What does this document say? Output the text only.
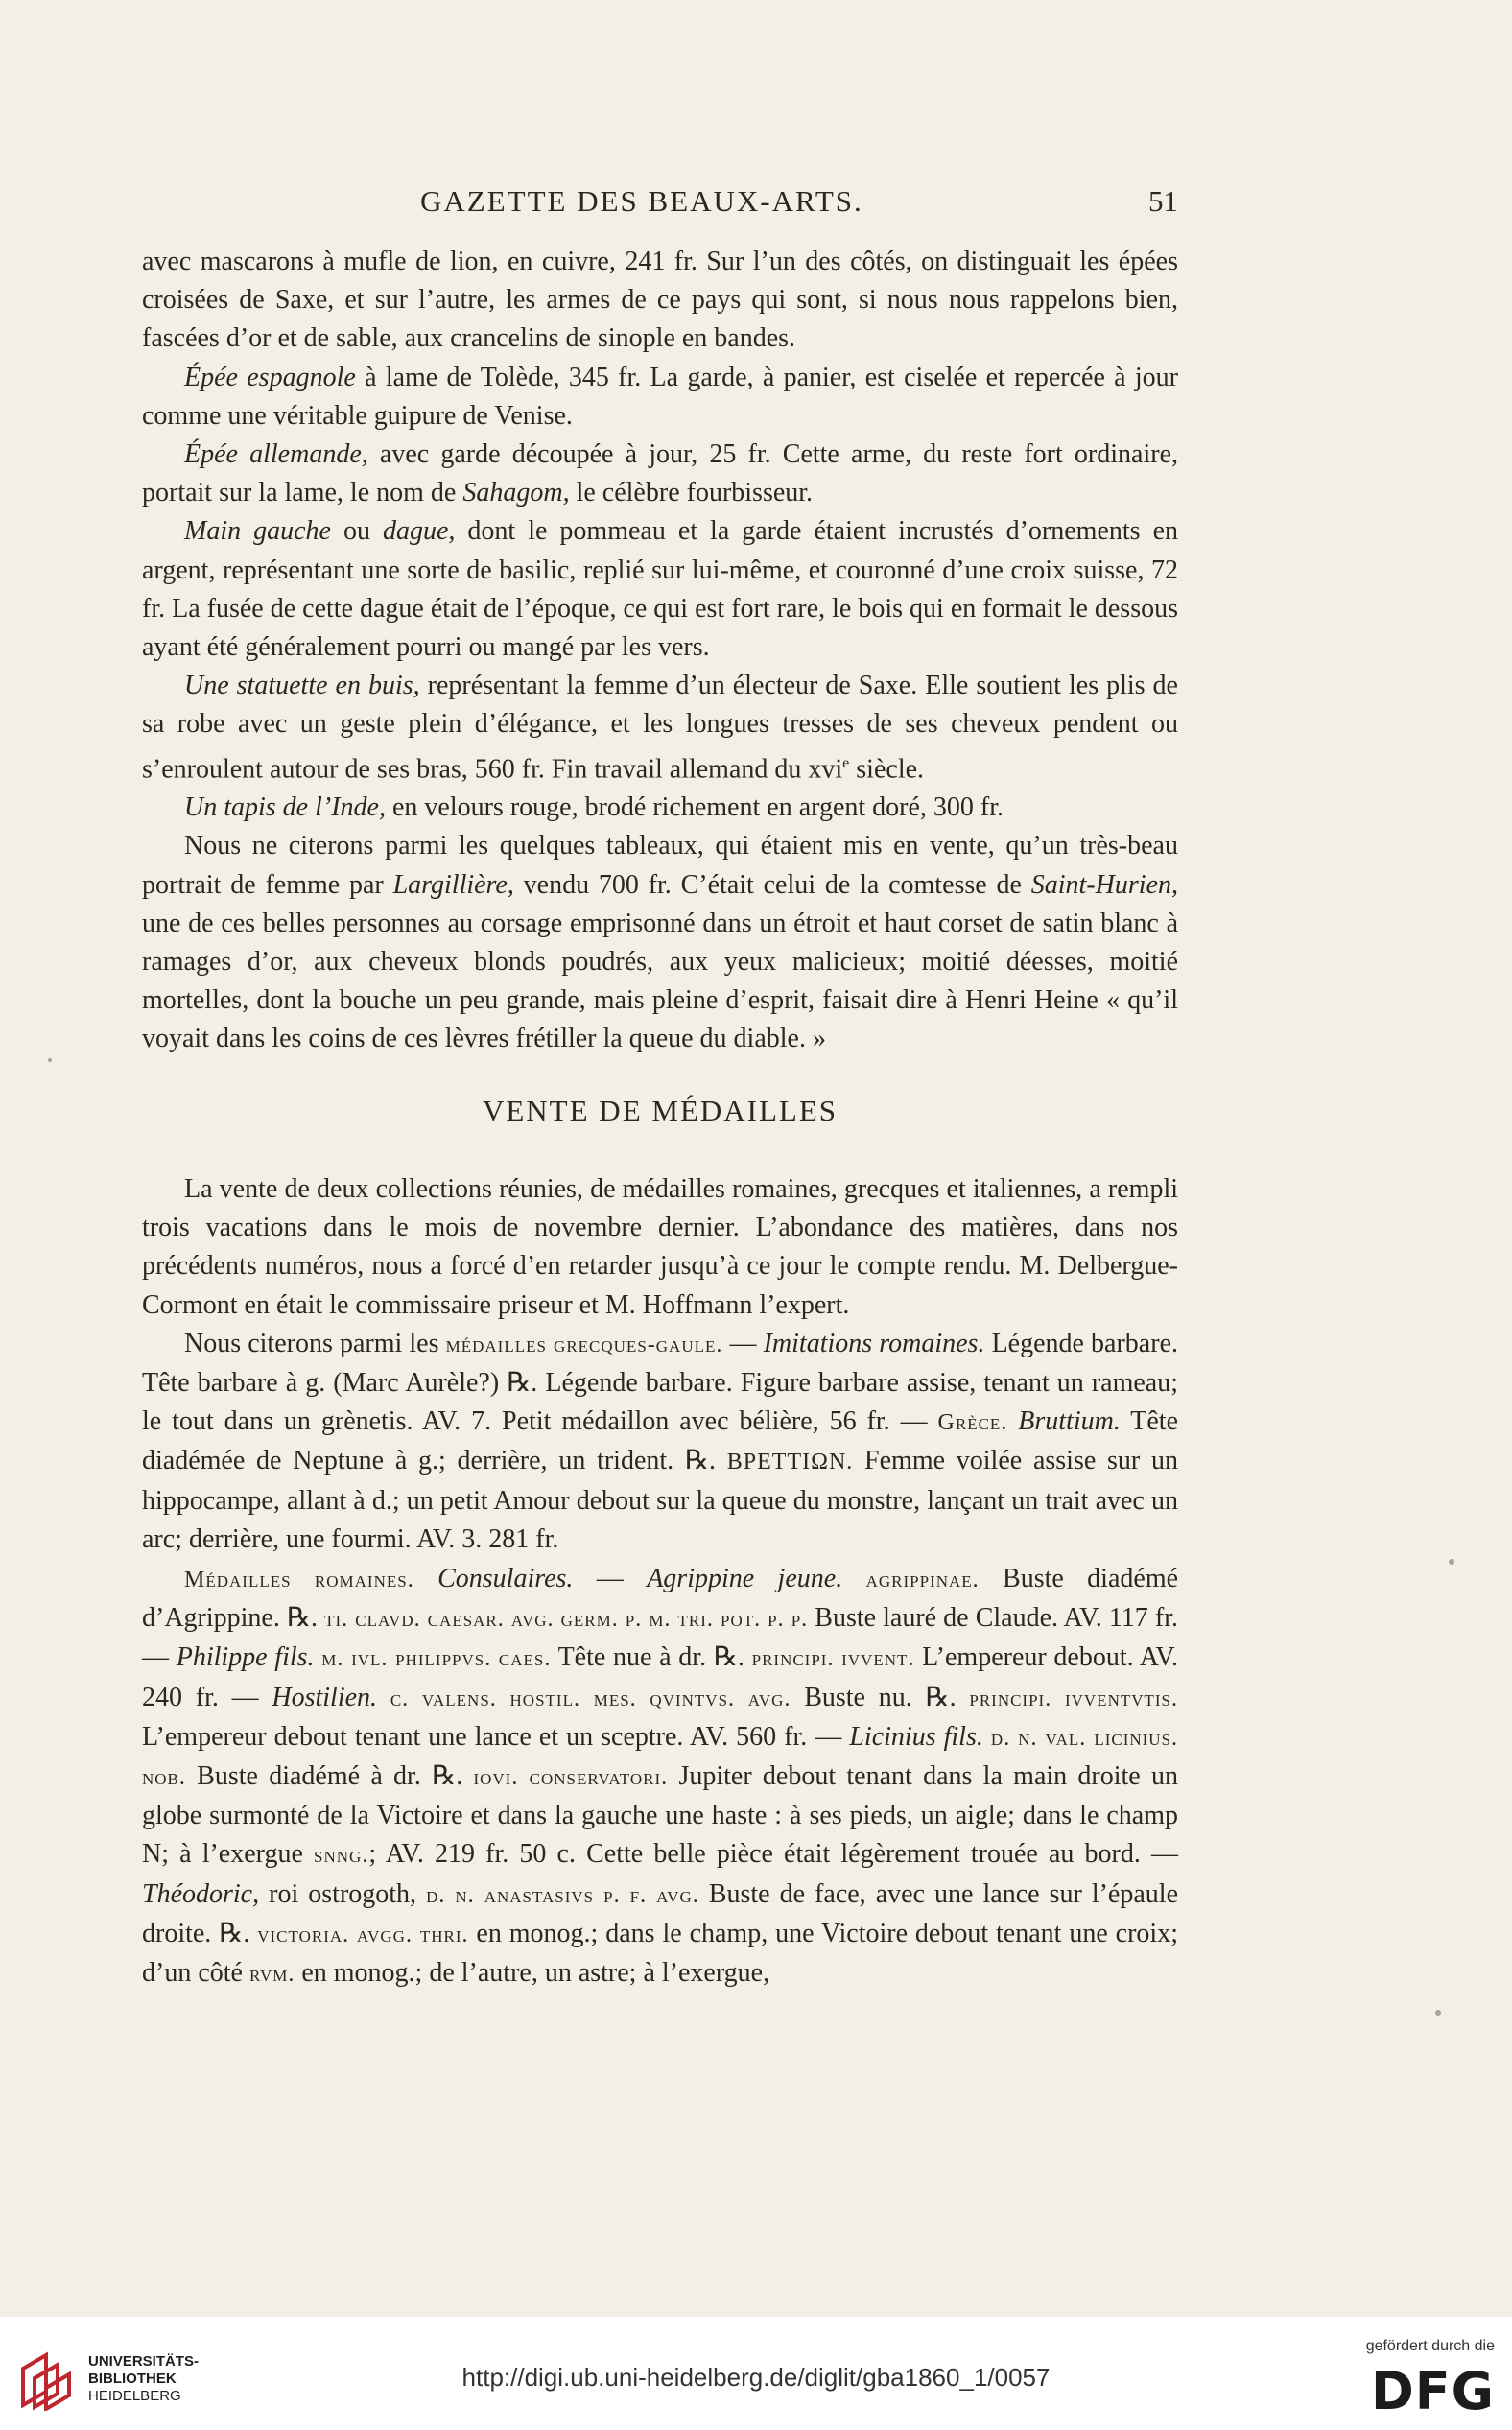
GAZETTE DES BEAUX-ARTS.	51

avec mascarons à mufle de lion, en cuivre, 241 fr. Sur l’un des côtés, on distinguait les épées croisées de Saxe, et sur l’autre, les armes de ce pays qui sont, si nous nous rappelons bien, fascées d’or et de sable, aux crancelins de sinople en bandes.

Épée espagnole à lame de Tolède, 345 fr. La garde, à panier, est ciselée et repercée à jour comme une véritable guipure de Venise.

Épée allemande, avec garde découpée à jour, 25 fr. Cette arme, du reste fort ordinaire, portait sur la lame, le nom de Sahagom, le célèbre fourbisseur.

Main gauche ou dague, dont le pommeau et la garde étaient incrustés d’ornements en argent, représentant une sorte de basilic, replié sur lui-même, et couronné d’une croix suisse, 72 fr. La fusée de cette dague était de l’époque, ce qui est fort rare, le bois qui en formait le dessous ayant été généralement pourri ou mangé par les vers.

Une statuette en buis, représentant la femme d’un électeur de Saxe. Elle soutient les plis de sa robe avec un geste plein d’élégance, et les longues tresses de ses cheveux pendent ou s’enroulent autour de ses bras, 560 fr. Fin travail allemand du xvi$^e$ siècle.

Un tapis de l’Inde, en velours rouge, brodé richement en argent doré, 300 fr.

Nous ne citerons parmi les quelques tableaux, qui étaient mis en vente, qu’un très-beau portrait de femme par Largillière, vendu 700 fr. C’était celui de la comtesse de Saint-Hurien, une de ces belles personnes au corsage emprisonné dans un étroit et haut corset de satin blanc à ramages d’or, aux cheveux blonds poudrés, aux yeux malicieux; moitié déesses, moitié mortelles, dont la bouche un peu grande, mais pleine d’esprit, faisait dire à Henri Heine « qu’il voyait dans les coins de ces lèvres frétiller la queue du diable. »

VENTE DE MÉDAILLES

La vente de deux collections réunies, de médailles romaines, grecques et italiennes, a rempli trois vacations dans le mois de novembre dernier. L’abondance des matières, dans nos précédents numéros, nous a forcé d’en retarder jusqu’à ce jour le compte rendu. M. Delbergue-Cormont en était le commissaire priseur et M. Hoffmann l’expert.

Nous citerons parmi les médailles grecques-gaule. — Imitations romaines. Légende barbare. Tête barbare à g. (Marc Aurèle?) ℞. Légende barbare. Figure barbare assise, tenant un rameau; le tout dans un grènetis. AV. 7. Petit médaillon avec bélière, 56 fr. — Grèce. Bruttium. Tête diadémée de Neptune à g.; derrière, un trident. ℞. ΒΡΕΤΤΙΩΝ. Femme voilée assise sur un hippocampe, allant à d.; un petit Amour debout sur la queue du monstre, lançant un trait avec un arc; derrière, une fourmi. AV. 3. 281 fr.

Médailles romaines. Consulaires. — Agrippine jeune. agrippinae. Buste diadémé d’Agrippine. ℞. ti. clavd. caesar. avg. germ. p. m. tri. pot. p. p. Buste lauré de Claude. AV. 117 fr. — Philippe fils. m. ivl. philippvs. caes. Tête nue à dr. ℞. principi. ivvent. L’empereur debout. AV. 240 fr. — Hostilien. c. valens. hostil. mes. qvintvs. avg. Buste nu. ℞. principi. ivventvtis. L’empereur debout tenant une lance et un sceptre. AV. 560 fr. — Licinius fils. d. n. val. licinius. nob. Buste diadémé à dr. ℞. iovi. conservatori. Jupiter debout tenant dans la main droite un globe surmonté de la Victoire et dans la gauche une haste : à ses pieds, un aigle; dans le champ N; à l’exergue snng.; AV. 219 fr. 50 c. Cette belle pièce était légèrement trouée au bord. — Théodoric, roi ostrogoth, d. n. anastasivs p. f. avg. Buste de face, avec une lance sur l’épaule droite. ℞. victoria. avgg. thri. en monog.; dans le champ, une Victoire debout tenant une croix; d’un côté rvm. en monog.; de l’autre, un astre; à l’exergue,

UNIVERSITÄTS-
BIBLIOTHEK
HEIDELBERG
http://digi.ub.uni-heidelberg.de/diglit/gba1860_1/0057
gefördert durch die
DFG
